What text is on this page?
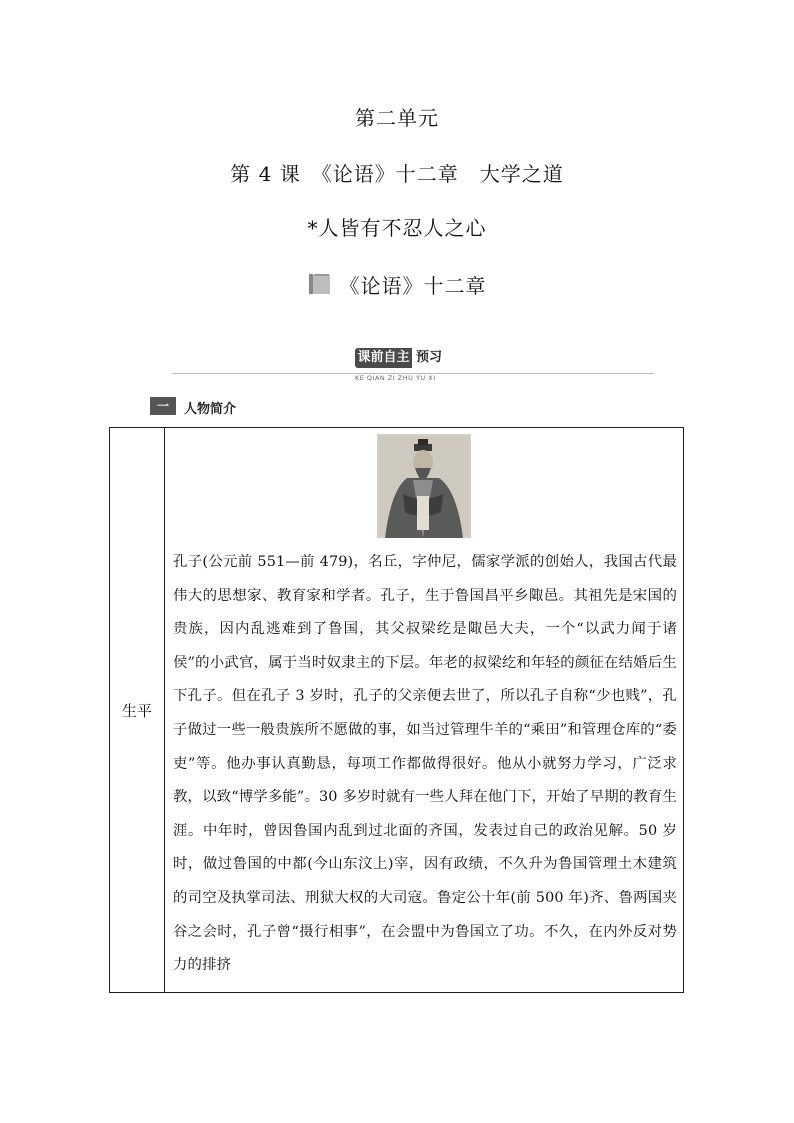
第二单元
第 4 课　《论语》十二章　大学之道
*人皆有不忍人之心
《论语》十二章
课前自主 预习
KE QIAN ZI ZHU YU XI
一	人物简介
生平	
孔子(公元前 551—前 479)，名丘，字仲尼，儒家学派的创始人，我国古代最伟大的思想家、教育家和学者。孔子，生于鲁国昌平乡陬邑。其祖先是宋国的贵族，因内乱逃难到了鲁国，其父叔梁纥是陬邑大夫，一个“以武力闻于诸侯”的小武官，属于当时奴隶主的下层。年老的叔梁纥和年轻的颜征在结婚后生下孔子。但在孔子 3 岁时，孔子的父亲便去世了，所以孔子自称“少也贱”，孔子做过一些一般贵族所不愿做的事，如当过管理牛羊的“乘田”和管理仓库的“委吏”等。他办事认真勤恳，每项工作都做得很好。他从小就努力学习，广泛求教，以致“博学多能”。30 多岁时就有一些人拜在他门下，开始了早期的教育生涯。中年时，曾因鲁国内乱到过北面的齐国，发表过自己的政治见解。50 岁时，做过鲁国的中都(今山东汶上)宰，因有政绩，不久升为鲁国管理土木建筑的司空及执掌司法、刑狱大权的大司寇。鲁定公十年(前 500 年)齐、鲁两国夹谷之会时，孔子曾“摄行相事”，在会盟中为鲁国立了功。不久，在内外反对势力的排挤
